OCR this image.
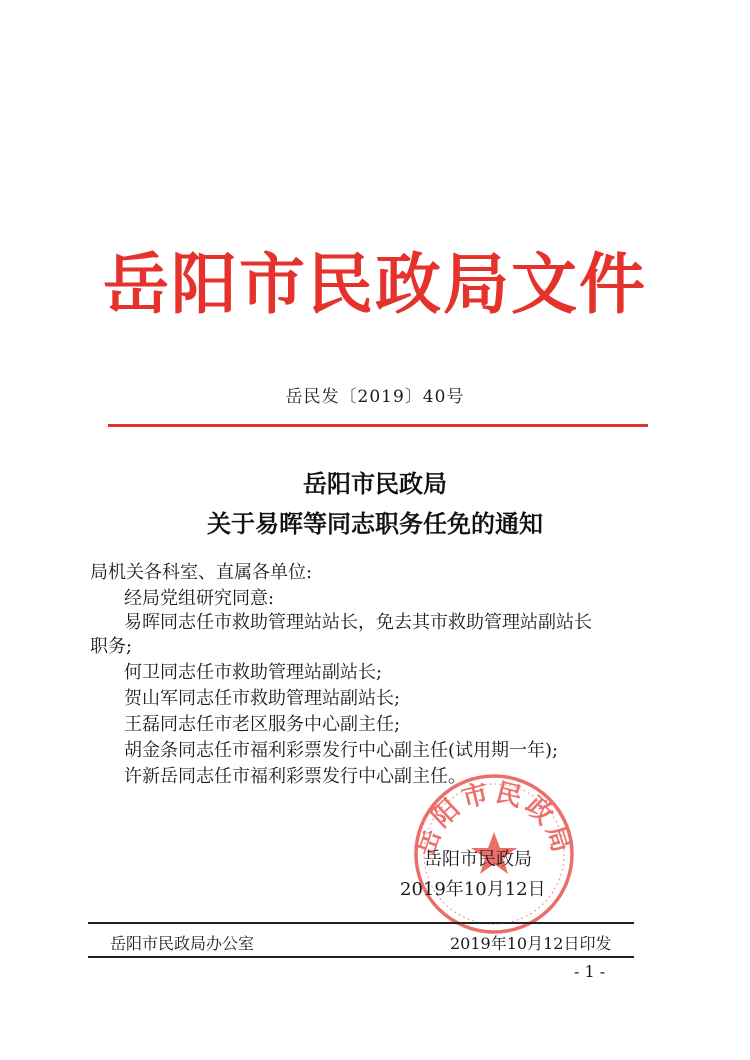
岳阳市民政局文件
岳民发〔2019〕40号
岳阳市民政局
关于易晖等同志职务任免的通知
局机关各科室、直属各单位:
经局党组研究同意:
易晖同志任市救助管理站站长，免去其市救助管理站副站长
职务;
何卫同志任市救助管理站副站长;
贺山军同志任市救助管理站副站长;
王磊同志任市老区服务中心副主任;
胡金条同志任市福利彩票发行中心副主任(试用期一年);
许新岳同志任市福利彩票发行中心副主任。
岳阳市民政局
岳阳市民政局
2019年10月12日
岳阳市民政局办公室	2019年10月12日印发
- 1 -
